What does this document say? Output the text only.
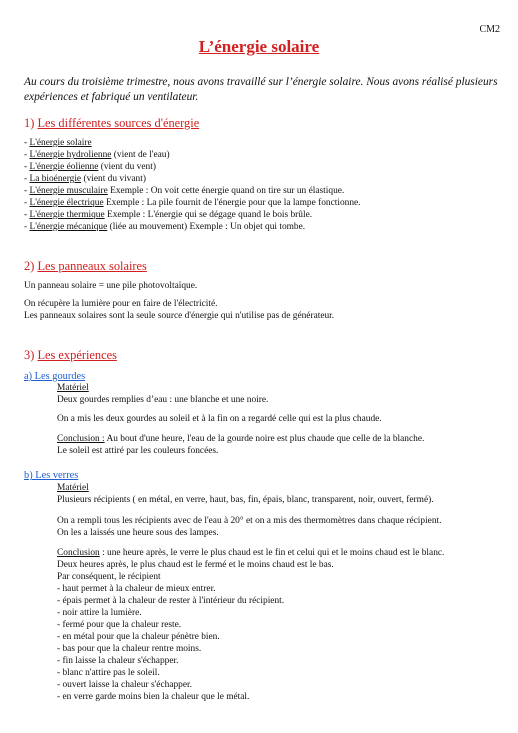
CM2
L’énergie solaire
Au cours du troisième trimestre, nous avons travaillé sur l’énergie solaire. Nous avons réalisé plusieurs expériences et fabriqué un ventilateur.
1) Les différentes sources d'énergie
- L'énergie solaire
- L'énergie hydrolienne (vient de l'eau)
- L'énergie éolienne (vient du vent)
- La bioénergie (vient du vivant)
- L'énergie musculaire Exemple : On voit cette énergie quand on tire sur un élastique.
- L'énergie électrique Exemple : La pile fournit de l'énergie pour que la lampe fonctionne.
- L'énergie thermique Exemple : L'énergie qui se dégage quand le bois brûle.
- L'énergie mécanique (liée au mouvement) Exemple : Un objet qui tombe.
2) Les panneaux solaires
Un panneau solaire = une pile photovoltaïque.
On récupère la lumière pour en faire de l'électricité.
Les panneaux solaires sont la seule source d'énergie qui n'utilise pas de générateur.
3) Les expériences
a) Les gourdes
Matériel
Deux gourdes remplies d’eau : une blanche et une noire.
On a mis les deux gourdes au soleil et à la fin on a regardé celle qui est la plus chaude.
Conclusion : Au bout d'une heure, l'eau de la gourde noire est plus chaude que celle de la blanche.
Le soleil est attiré par les couleurs foncées.
b) Les verres
Matériel
Plusieurs récipients ( en métal, en verre, haut, bas, fin, épais, blanc, transparent, noir, ouvert, fermé).
On a rempli tous les récipients avec de l'eau à 20° et on a mis des thermomètres dans chaque récipient.
On les a laissés une heure sous des lampes.
Conclusion : une heure après, le verre le plus chaud est le fin et celui qui et le moins chaud est le blanc.
Deux heures après, le plus chaud est le fermé et le moins chaud est le bas.
Par conséquent, le récipient
- haut permet à la chaleur de mieux entrer.
- épais permet à la chaleur de rester à l'intérieur du récipient.
- noir attire la lumière.
- fermé pour que la chaleur reste.
- en métal pour que la chaleur pénètre bien.
- bas pour que la chaleur rentre moins.
- fin laisse la chaleur s'échapper.
- blanc n'attire pas le soleil.
- ouvert laisse la chaleur s'échapper.
- en verre garde moins bien la chaleur que le métal.
